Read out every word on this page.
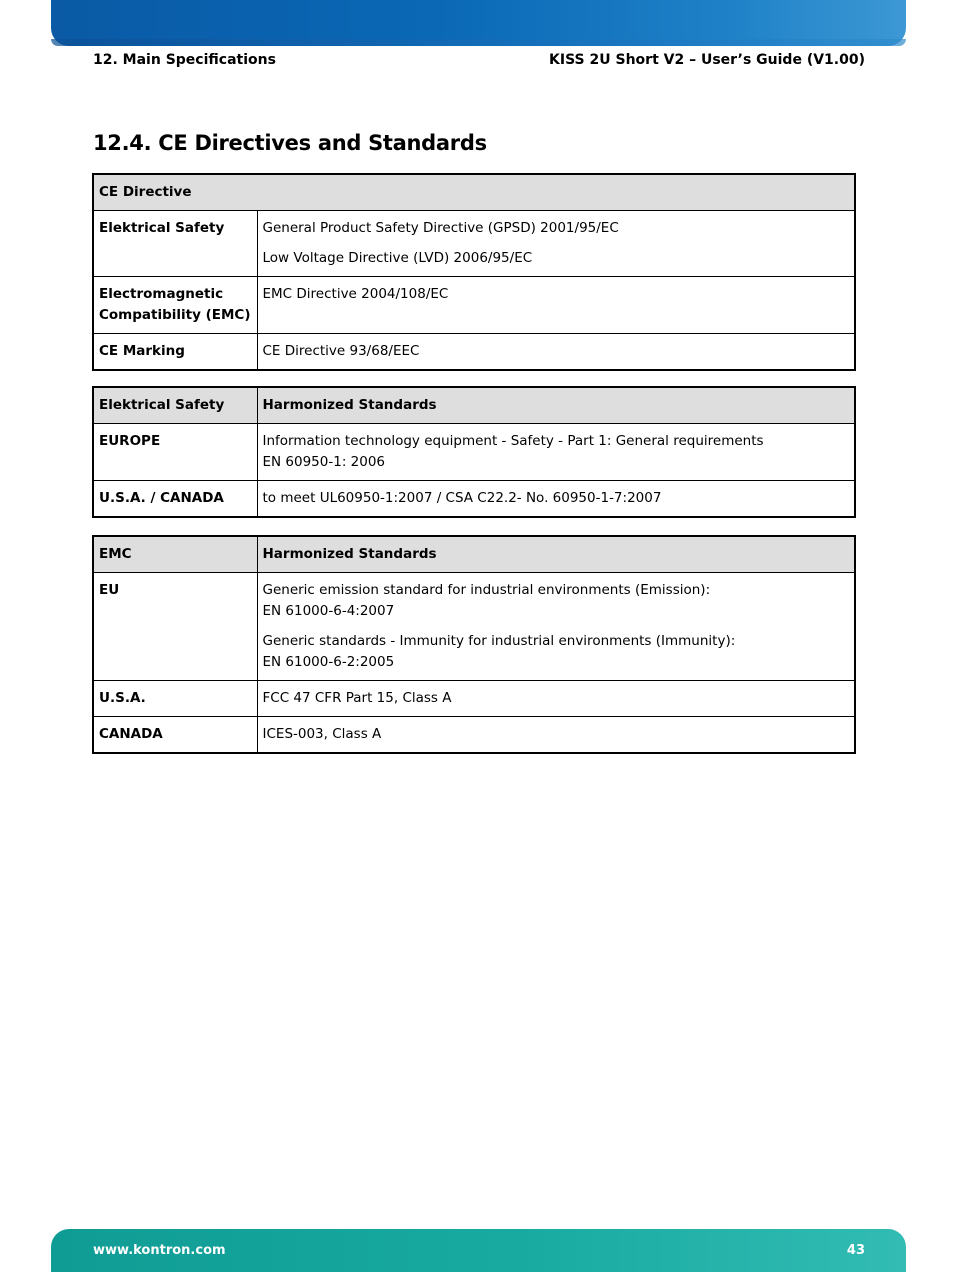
12. Main Specifications	KISS 2U Short V2 – User’s Guide (V1.00)
12.4. CE Directives and Standards
CE Directive	
Elektrical Safety	General Product Safety Directive (GPSD) 2001/95/EC
Low Voltage Directive (LVD) 2006/95/EC
Electromagnetic Compatibility (EMC)	EMC Directive 2004/108/EC
CE Marking	CE Directive 93/68/EEC
Elektrical Safety	Harmonized Standards
EUROPE	Information technology equipment - Safety - Part 1: General requirements
EN 60950-1: 2006
U.S.A. / CANADA	to meet UL60950-1:2007 / CSA C22.2- No. 60950-1-7:2007
EMC	Harmonized Standards
EU	Generic emission standard for industrial environments (Emission):
EN 61000-6-4:2007
Generic standards - Immunity for industrial environments (Immunity):
EN 61000-6-2:2005
U.S.A.	FCC 47 CFR Part 15, Class A
CANADA	ICES-003, Class A
www.kontron.com	43
